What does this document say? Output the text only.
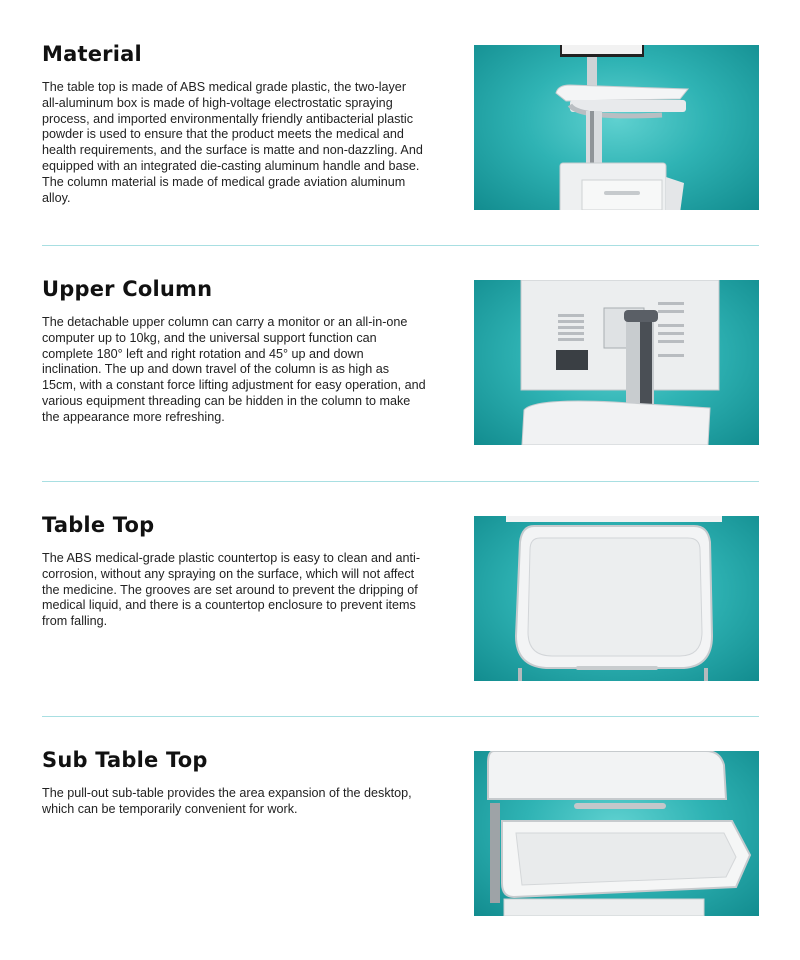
Material

The table top is made of ABS medical grade plastic, the two-layer all-aluminum box is made of high-voltage electrostatic spraying process, and imported environmentally friendly antibacterial plastic powder is used to ensure that the product meets the medical and health requirements, and the surface is matte and non-dazzling. And equipped with an integrated die-casting aluminum handle and base.

The column material is made of medical grade aviation aluminum alloy.

Upper Column

The detachable upper column can carry a monitor or an all-in-one computer up to 10kg, and the universal support function can complete 180° left and right rotation and 45° up and down inclination. The up and down travel of the column is as high as 15cm, with a constant force lifting adjustment for easy operation, and various equipment threading can be hidden in the column to make the appearance more refreshing.

Table Top

The ABS medical-grade plastic countertop is easy to clean and anti-corrosion, without any spraying on the surface, which will not affect the medicine. The grooves are set around to prevent the dripping of medical liquid, and there is a countertop enclosure to prevent items from falling.

Sub Table Top

The pull-out sub-table provides the area expansion of the desktop, which can be temporarily convenient for work.
